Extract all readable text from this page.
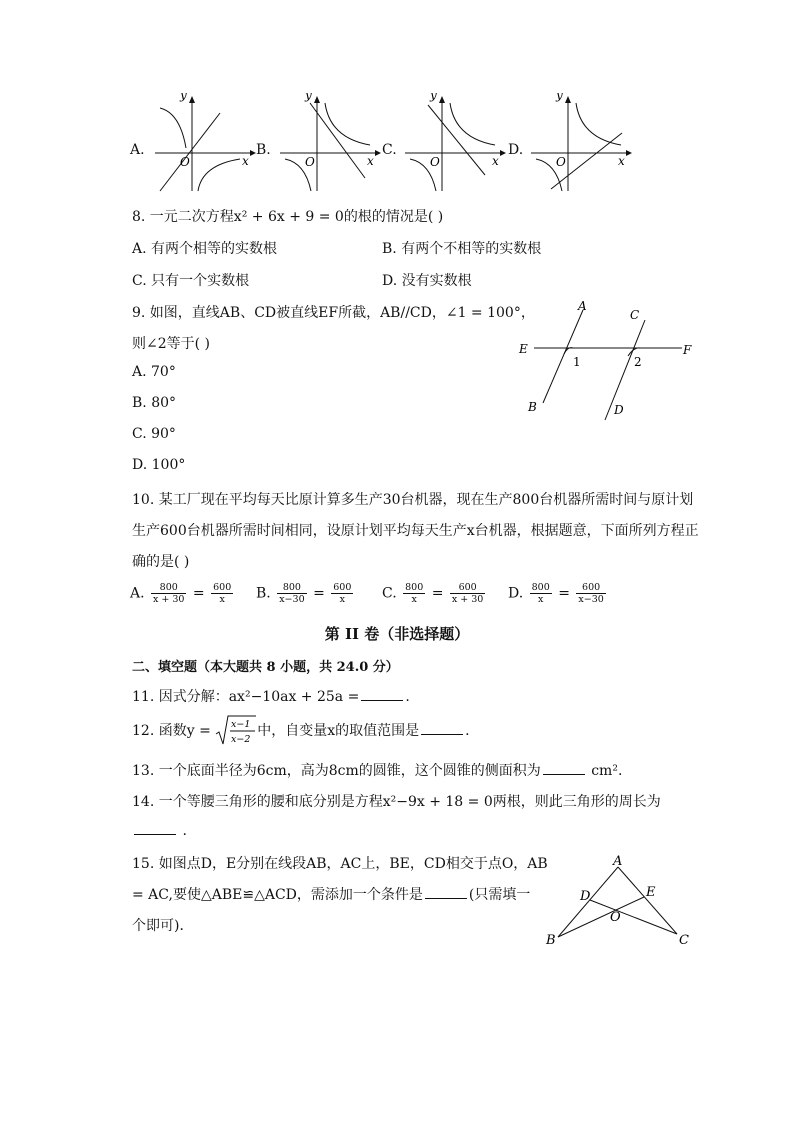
A.
y
x
O
B.
y
x
O
C.
y
x
O
D.
y
x
O
8. 一元二次方程x² + 6x + 9 = 0的根的情况是( )
A. 有两个相等的实数根	B. 有两个不相等的实数根
C. 只有一个实数根	D. 没有实数根
9. 如图，直线AB、CD被直线EF所截，AB//CD，∠1 = 100°，
则∠2等于( )
A. 70°
B. 80°
C. 90°
D. 100°
A
B
C
D
E	F
1	2
10. 某工厂现在平均每天比原计算多生产30台机器，现在生产800台机器所需时间与原计划
生产600台机器所需时间相同，设原计划平均每天生产x台机器，根据题意，下面所列方程正
确的是( )
A. $\frac{800}{x + 30} = \frac{600}{x} B$. $\frac{800}{x-30} = \frac{600}{x} C$. $\frac{800}{x} = \frac{600}{x + 30} D$. $\frac{800}{x} = \frac{600}{x-30}$
第 II 卷（非选择题）
二、填空题（本大题共 8 小题，共 24.0 分）
11. 因式分解：ax²−10ax + 25a =	.
12. 函数y = x−1
x−2
中，自变量x的取值范围是	.
13. 一个底面半径为6cm，高为8cm的圆锥，这个圆锥的侧面积为	cm².
14. 一个等腰三角形的腰和底分别是方程x²−9x + 18 = 0两根，则此三角形的周长为
.
15. 如图点D，E分别在线段AB，AC上，BE，CD相交于点O，AB
= AC,要使△ABE≌△ACD，需添加一个条件是	(只需填一
个即可)．
A
B	C
D	E
O
